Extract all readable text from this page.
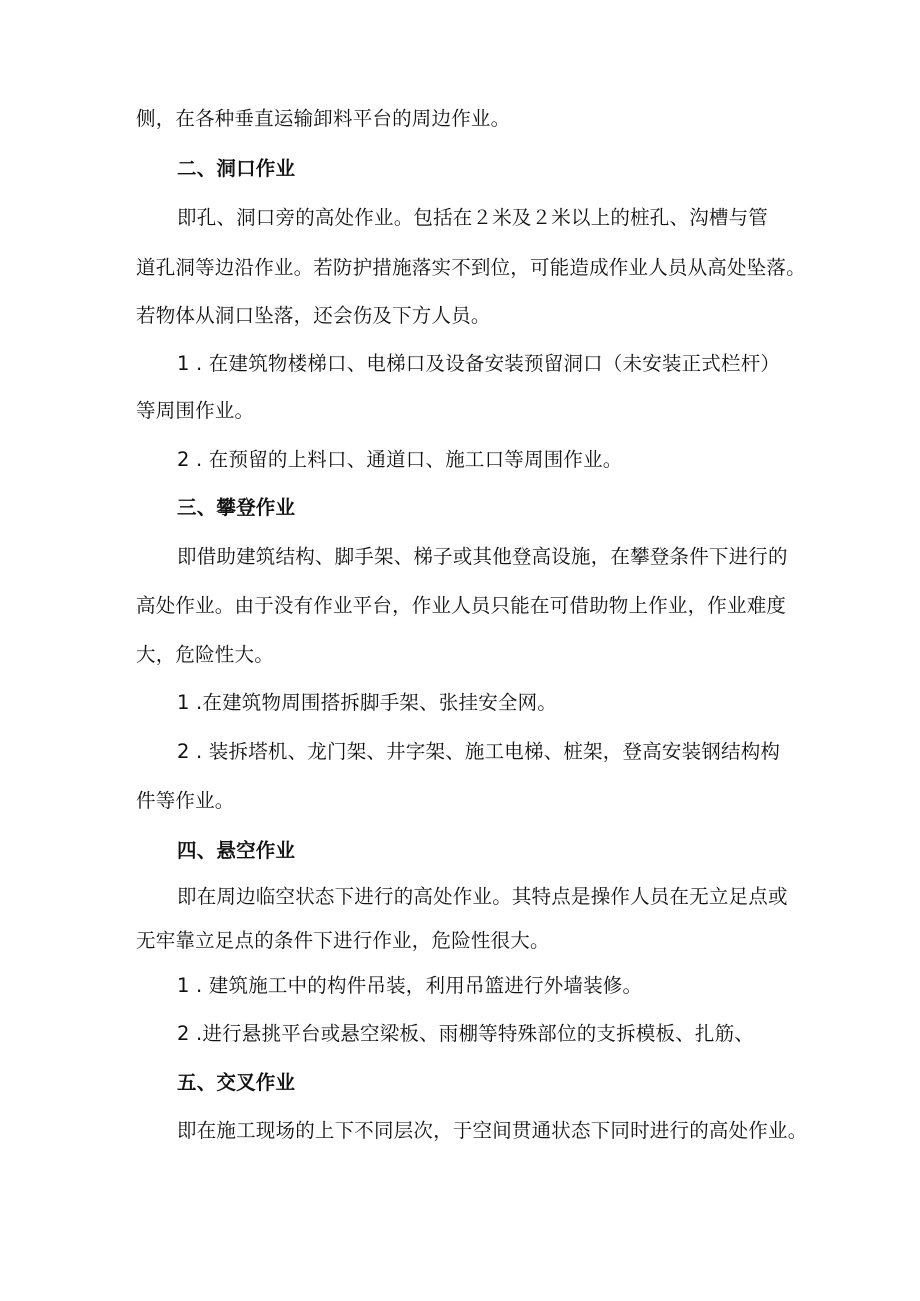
侧，在各种垂直运输卸料平台的周边作业。
二、洞口作业
即孔、洞口旁的高处作业。包括在２米及２米以上的桩孔、沟槽与管
道孔洞等边沿作业。若防护措施落实不到位，可能造成作业人员从高处坠落。
若物体从洞口坠落，还会伤及下方人员。
1 . 在建筑物楼梯口、电梯口及设备安装预留洞口（未安装正式栏杆）
等周围作业。
2 . 在预留的上料口、通道口、施工口等周围作业。
三、攀登作业
即借助建筑结构、脚手架、梯子或其他登高设施，在攀登条件下进行的
高处作业。由于没有作业平台，作业人员只能在可借助物上作业，作业难度
大，危险性大。
1 .在建筑物周围搭拆脚手架、张挂安全网。
2 . 装拆塔机、龙门架、井字架、施工电梯、桩架，登高安装钢结构构
件等作业。
四、悬空作业
即在周边临空状态下进行的高处作业。其特点是操作人员在无立足点或
无牢靠立足点的条件下进行作业，危险性很大。
1 . 建筑施工中的构件吊装，利用吊篮进行外墙装修。
2 .进行悬挑平台或悬空梁板、雨棚等特殊部位的支拆模板、扎筋、
五、交叉作业
即在施工现场的上下不同层次，于空间贯通状态下同时进行的高处作业。
